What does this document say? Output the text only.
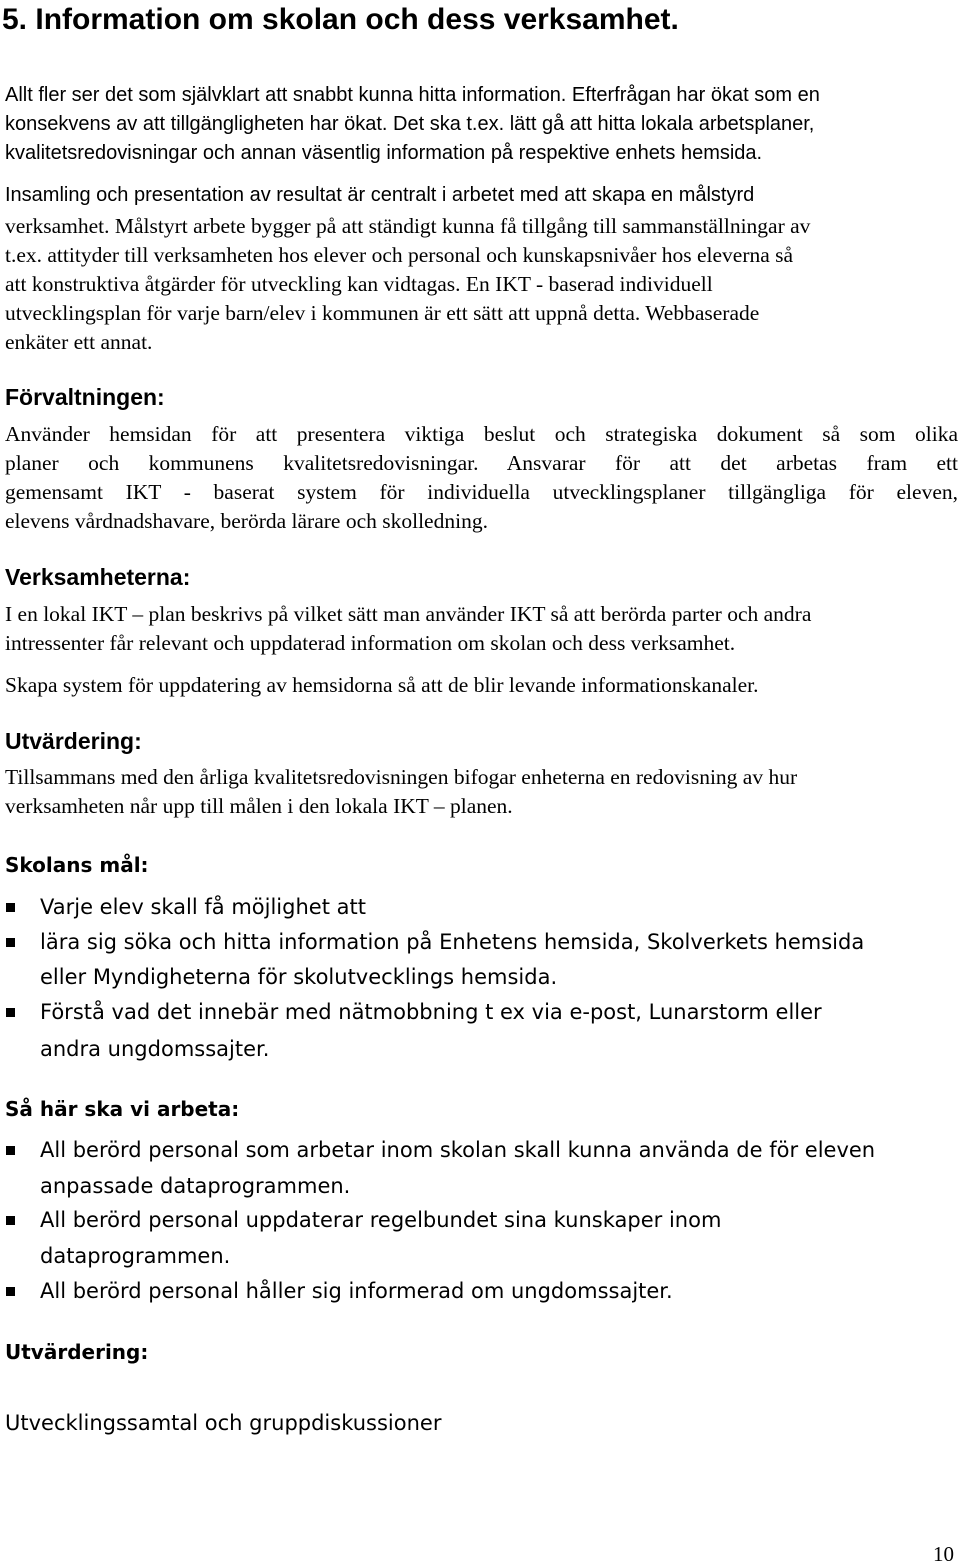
5. Information om skolan och dess verksamhet.

Allt fler ser det som självklart att snabbt kunna hitta information. Efterfrågan har ökat som en

konsekvens av att tillgängligheten har ökat. Det ska t.ex. lätt gå att hitta lokala arbetsplaner,

kvalitetsredovisningar och annan väsentlig information på respektive enhets hemsida.

Insamling och presentation av resultat är centralt i arbetet med att skapa en målstyrd

verksamhet. Målstyrt arbete bygger på att ständigt kunna få tillgång till sammanställningar av

t.ex. attityder till verksamheten hos elever och personal och kunskapsnivåer hos eleverna så

att konstruktiva åtgärder för utveckling kan vidtagas. En IKT - baserad individuell

utvecklingsplan för varje barn/elev i kommunen är ett sätt att uppnå detta. Webbaserade

enkäter ett annat.

Förvaltningen:

Använder hemsidan för att presentera viktiga beslut och strategiska dokument så som olika

planer och kommunens kvalitetsredovisningar. Ansvarar för att det arbetas fram ett

gemensamt IKT - baserat system för individuella utvecklingsplaner tillgängliga för eleven,

elevens vårdnadshavare, berörda lärare och skolledning.

Verksamheterna:

I en lokal IKT – plan beskrivs på vilket sätt man använder IKT så att berörda parter och andra

intressenter får relevant och uppdaterad information om skolan och dess verksamhet.

Skapa system för uppdatering av hemsidorna så att de blir levande informationskanaler.

Utvärdering:

Tillsammans med den årliga kvalitetsredovisningen bifogar enheterna en redovisning av hur

verksamheten når upp till målen i den lokala IKT – planen.

Skolans mål:

Varje elev skall få möjlighet att

lära sig söka och hitta information på Enhetens hemsida, Skolverkets hemsida

eller Myndigheterna för skolutvecklings hemsida.

Förstå vad det innebär med nätmobbning t ex via e-post, Lunarstorm eller

andra ungdomssajter.

Så här ska vi arbeta:

All berörd personal som arbetar inom skolan skall kunna använda de för eleven

anpassade dataprogrammen.

All berörd personal uppdaterar regelbundet sina kunskaper inom

dataprogrammen.

All berörd personal håller sig informerad om ungdomssajter.

Utvärdering:

Utvecklingssamtal och gruppdiskussioner

10
